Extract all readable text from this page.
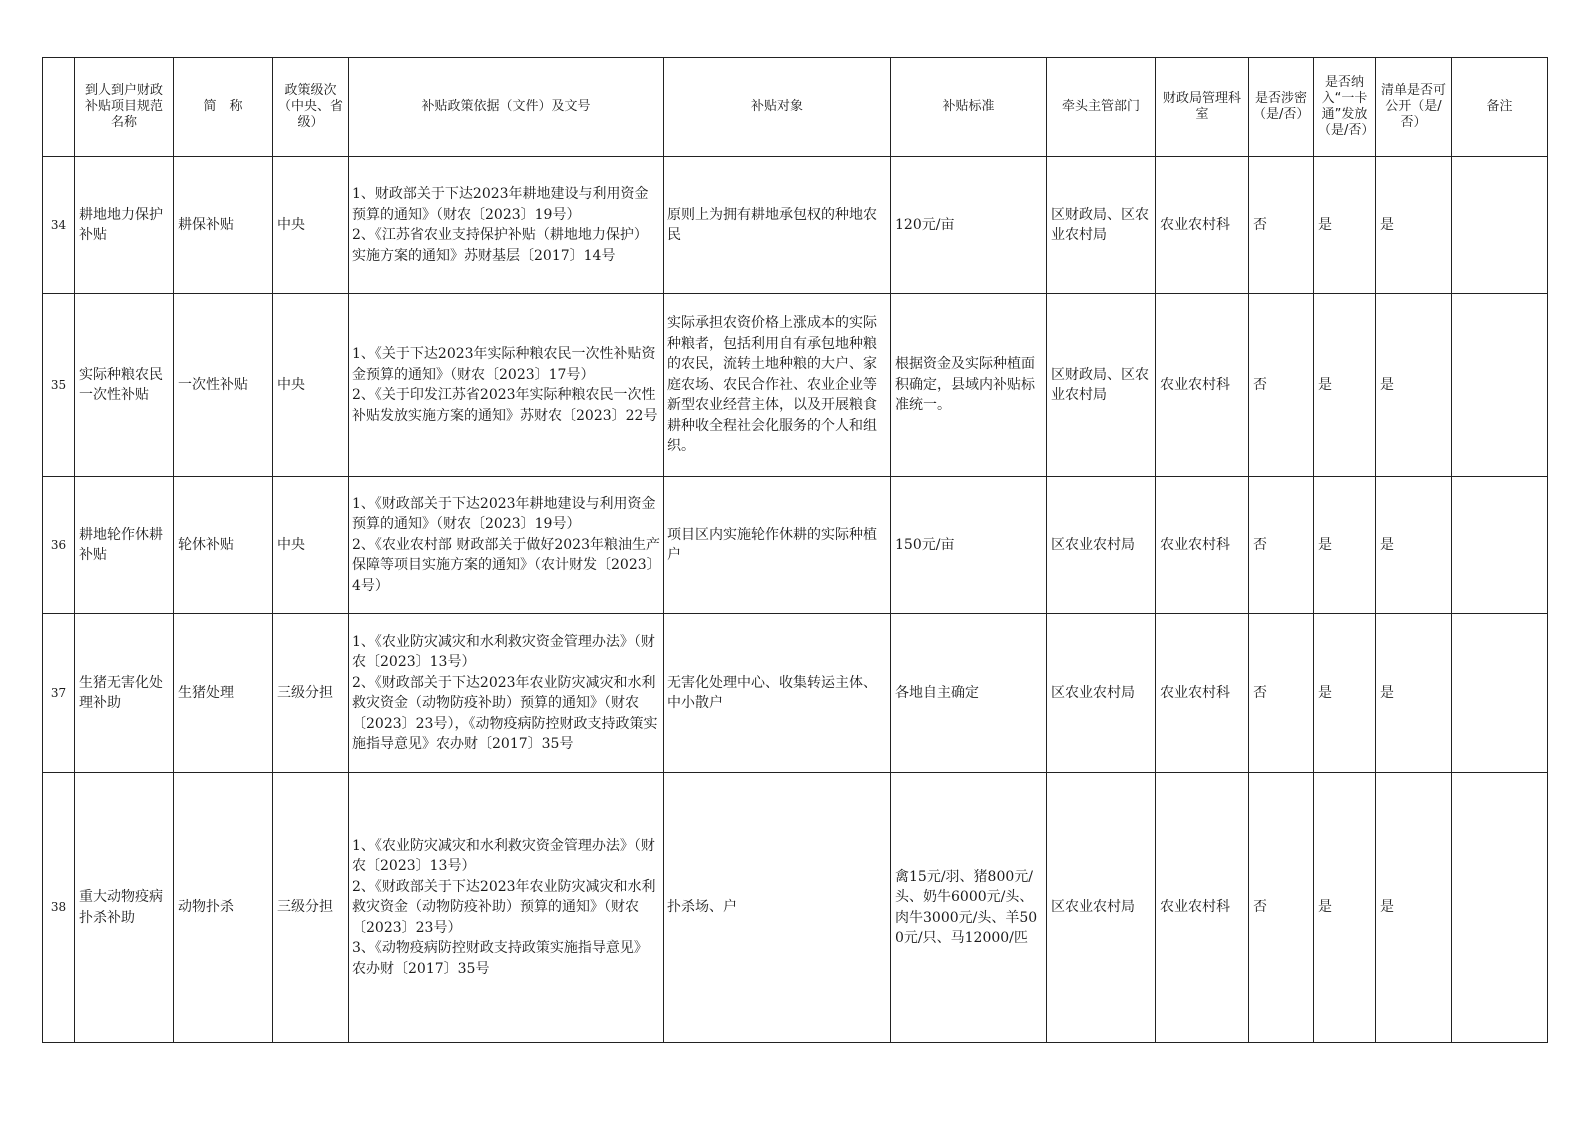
	到人到户财政补贴项目规范名称	简　称	政策级次（中央、省级）	补贴政策依据（文件）及文号	补贴对象	补贴标准	牵头主管部门	财政局管理科室	是否涉密（是/否）	是否纳入“一卡通”发放（是/否）	清单是否可公开（是/否）	备注
34	耕地地力保护补贴	耕保补贴	中央	1、财政部关于下达2023年耕地建设与利用资金预算的通知》（财农〔2023〕19号）
2、《江苏省农业支持保护补贴（耕地地力保护）实施方案的通知》苏财基层〔2017〕14号	原则上为拥有耕地承包权的种地农民	120元/亩	区财政局、区农业农村局	农业农村科	否	是	是	
35	实际种粮农民一次性补贴	一次性补贴	中央	1、《关于下达2023年实际种粮农民一次性补贴资金预算的通知》（财农〔2023〕17号）
2、《关于印发江苏省2023年实际种粮农民一次性补贴发放实施方案的通知》苏财农〔2023〕22号	实际承担农资价格上涨成本的实际种粮者，包括利用自有承包地种粮的农民，流转土地种粮的大户、家庭农场、农民合作社、农业企业等新型农业经营主体，以及开展粮食耕种收全程社会化服务的个人和组织。	根据资金及实际种植面积确定，县域内补贴标准统一。	区财政局、区农业农村局	农业农村科	否	是	是	
36	耕地轮作休耕补贴	轮休补贴	中央	1、《财政部关于下达2023年耕地建设与利用资金预算的通知》（财农〔2023〕19号）
2、《农业农村部 财政部关于做好2023年粮油生产保障等项目实施方案的通知》（农计财发〔2023〕4号）	项目区内实施轮作休耕的实际种植户	150元/亩	区农业农村局	农业农村科	否	是	是	
37	生猪无害化处理补助	生猪处理	三级分担	1、《农业防灾减灾和水利救灾资金管理办法》（财农〔2023〕13号）
2、《财政部关于下达2023年农业防灾减灾和水利救灾资金（动物防疫补助）预算的通知》（财农〔2023〕23号），《动物疫病防控财政支持政策实施指导意见》农办财〔2017〕35号	无害化处理中心、收集转运主体、中小散户	各地自主确定	区农业农村局	农业农村科	否	是	是	
38	重大动物疫病扑杀补助	动物扑杀	三级分担	1、《农业防灾减灾和水利救灾资金管理办法》（财农〔2023〕13号）
2、《财政部关于下达2023年农业防灾减灾和水利救灾资金（动物防疫补助）预算的通知》（财农〔2023〕23号）
3、《动物疫病防控财政支持政策实施指导意见》农办财〔2017〕35号	扑杀场、户	禽15元/羽、猪800元/头、奶牛6000元/头、肉牛3000元/头、羊500元/只、马12000/匹	区农业农村局	农业农村科	否	是	是	
